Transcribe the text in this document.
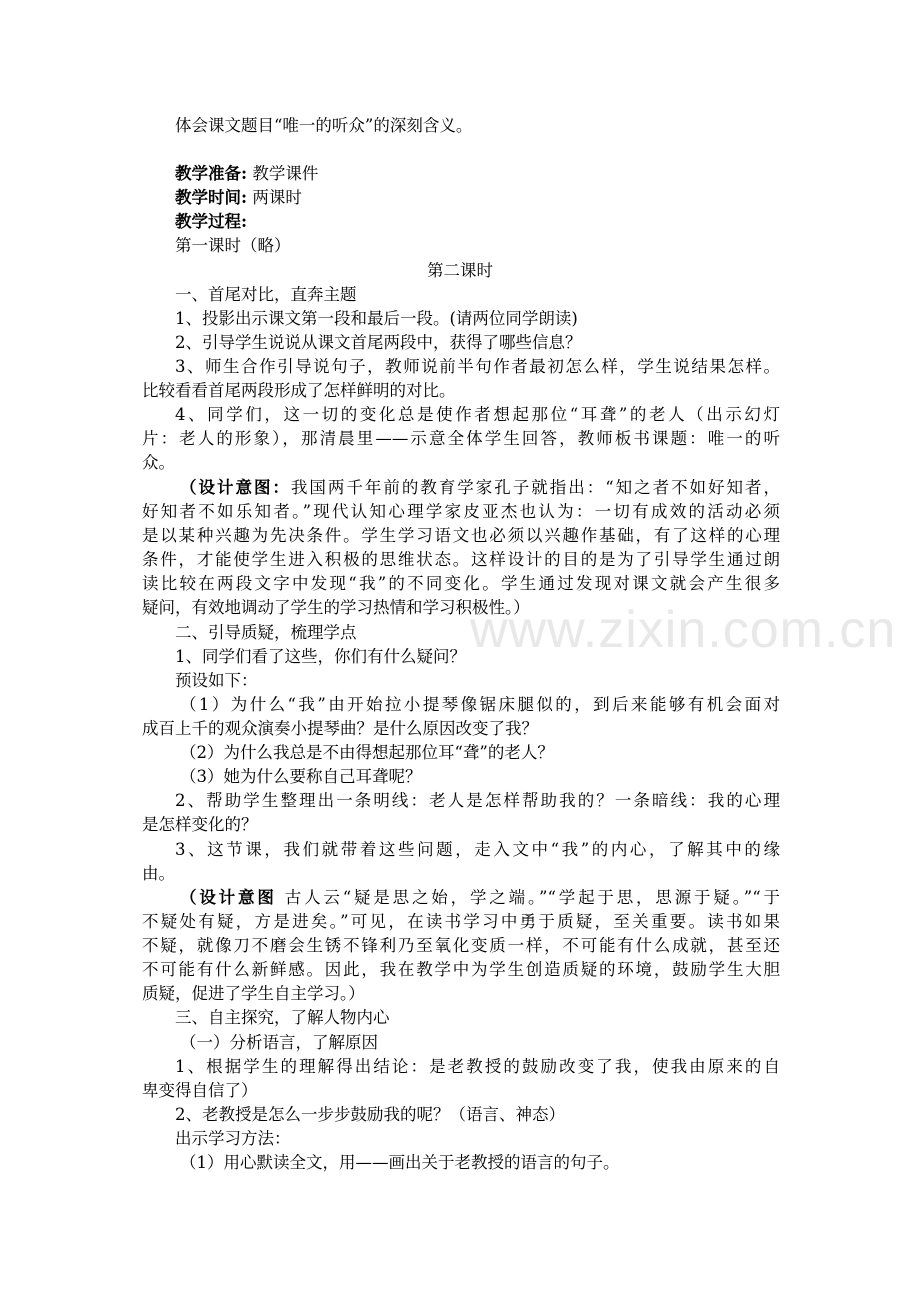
www.zixin.com.cn
体会课文题目“唯一的听众”的深刻含义。
教学准备: 教学课件
教学时间: 两课时
教学过程:
第一课时（略）
第二课时
一、首尾对比，直奔主题
1、投影出示课文第一段和最后一段。(请两位同学朗读)
2、引导学生说说从课文首尾两段中，获得了哪些信息？
3、师生合作引导说句子，教师说前半句作者最初怎么样，学生说结果怎样。
比较看看首尾两段形成了怎样鲜明的对比。
4、同学们，这一切的变化总是使作者想起那位“耳聋”的老人（出示幻灯
片：老人的形象），那清晨里——示意全体学生回答，教师板书课题：唯一的听
众。
（设计意图：我国两千年前的教育学家孔子就指出：“知之者不如好知者，
好知者不如乐知者。”现代认知心理学家皮亚杰也认为：一切有成效的活动必须
是以某种兴趣为先决条件。学生学习语文也必须以兴趣作基础，有了这样的心理
条件，才能使学生进入积极的思维状态。这样设计的目的是为了引导学生通过朗
读比较在两段文字中发现“我”的不同变化。学生通过发现对课文就会产生很多
疑问，有效地调动了学生的学习热情和学习积极性。）
二、引导质疑，梳理学点
1、同学们看了这些，你们有什么疑问？
预设如下：
（1）为什么“我”由开始拉小提琴像锯床腿似的，到后来能够有机会面对
成百上千的观众演奏小提琴曲？是什么原因改变了我？
（2）为什么我总是不由得想起那位耳“聋”的老人？
（3）她为什么要称自己耳聋呢？
2、帮助学生整理出一条明线：老人是怎样帮助我的？一条暗线：我的心理
是怎样变化的？
3、这节课，我们就带着这些问题，走入文中“我”的内心，了解其中的缘
由。
（设计意图 古人云“疑是思之始，学之端。”“学起于思，思源于疑。”“于
不疑处有疑，方是进矣。”可见，在读书学习中勇于质疑，至关重要。读书如果
不疑，就像刀不磨会生锈不锋利乃至氧化变质一样，不可能有什么成就，甚至还
不可能有什么新鲜感。因此，我在教学中为学生创造质疑的环境，鼓励学生大胆
质疑，促进了学生自主学习。）
三、自主探究，了解人物内心
（一）分析语言，了解原因
1、根据学生的理解得出结论：是老教授的鼓励改变了我，使我由原来的自
卑变得自信了）
2、老教授是怎么一步步鼓励我的呢？（语言、神态）
出示学习方法：
（1）用心默读全文，用——画出关于老教授的语言的句子。
